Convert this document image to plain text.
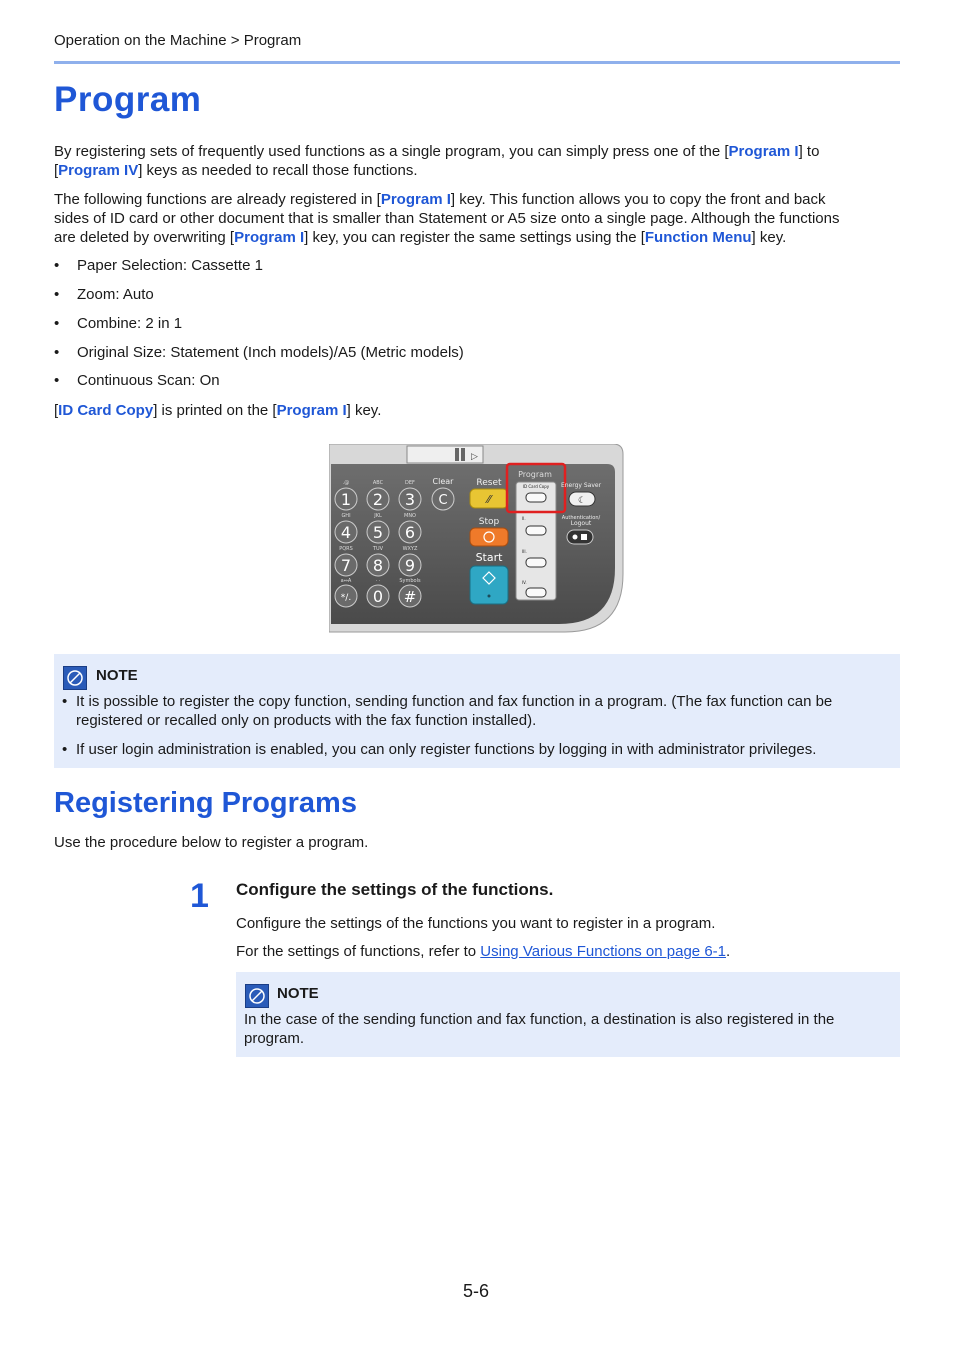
Operation on the Machine > Program
Program
By registering sets of frequently used functions as a single program, you can simply press one of the [Program I] to
[Program IV] keys as needed to recall those functions.
The following functions are already registered in [Program I] key. This function allows you to copy the front and back
sides of ID card or other document that is smaller than Statement or A5 size onto a single page. Although the functions
are deleted by overwriting [Program I] key, you can register the same settings using the [Function Menu] key.
• Paper Selection: Cassette 1
• Zoom: Auto
• Combine: 2 in 1
• Original Size: Statement (Inch models)/A5 (Metric models)
• Continuous Scan: On
[ID Card Copy] is printed on the [Program I] key.
▷
.@
1
ABC
2
DEF
3
GHI
4
JKL
5
MNO
6
PQRS
7
TUV
8
WXYZ
9
a⇔A
*/.
· ·
0
Symbols
#
Clear
C
Reset
⁄⁄
Stop
Start
Program
ID Card Copy
II.
III.
IV.
Energy Saver
☾
Authentication/
Logout
NOTE
• It is possible to register the copy function, sending function and fax function in a program. (The fax function can be
registered or recalled only on products with the fax function installed).
• If user login administration is enabled, you can only register functions by logging in with administrator privileges.
Registering Programs
Use the procedure below to register a program.
1 Configure the settings of the functions.
Configure the settings of the functions you want to register in a program.
For the settings of functions, refer to Using Various Functions on page 6-1.
NOTE
In the case of the sending function and fax function, a destination is also registered in the
program.
5-6
